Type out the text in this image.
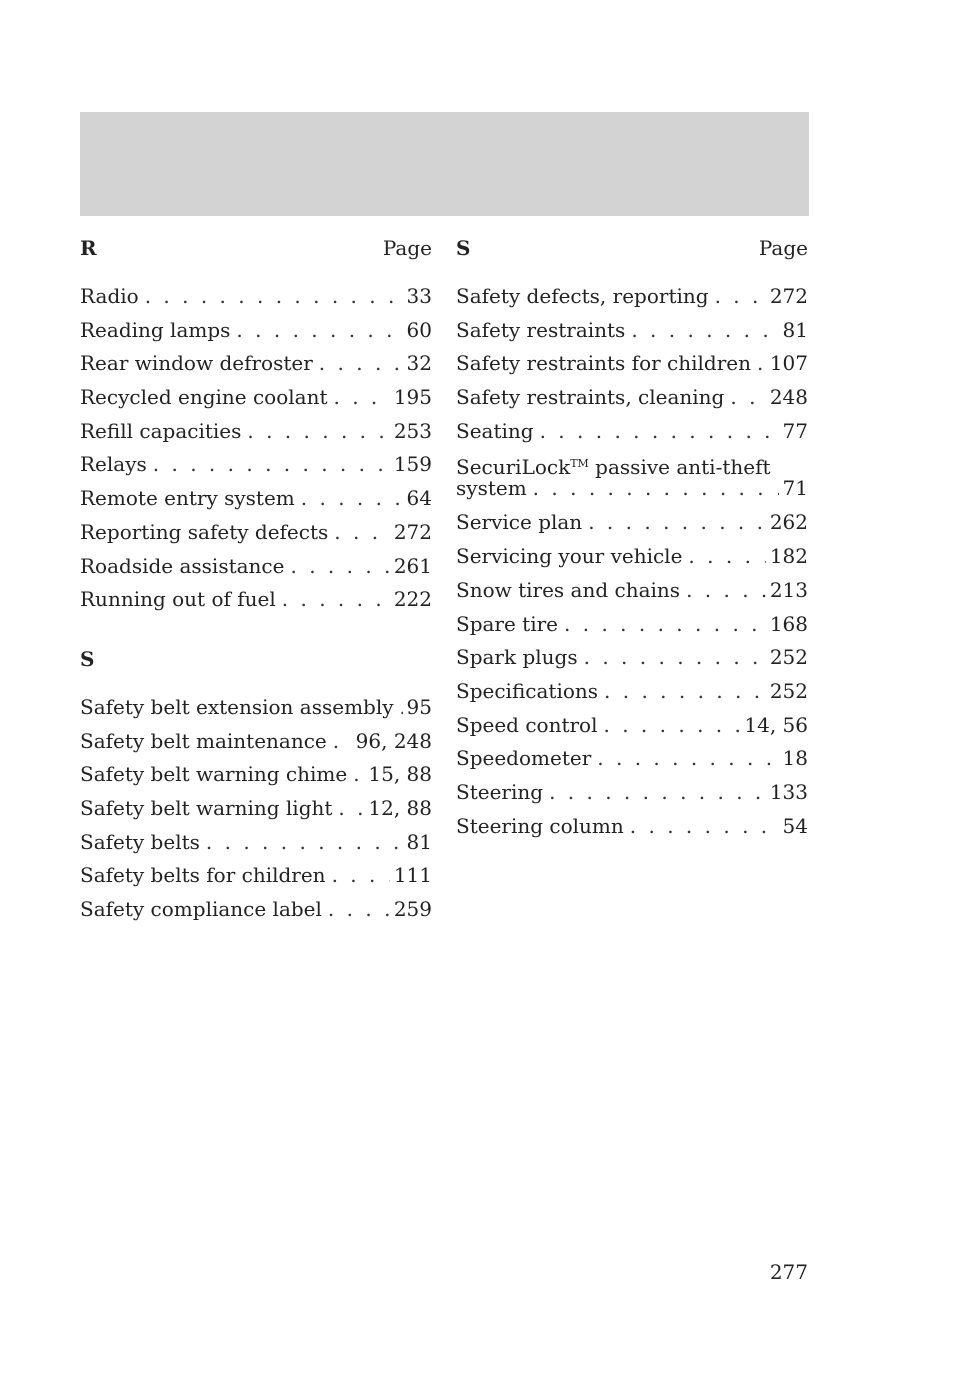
R	Page
Radio . . .	33
Reading lamps . . .	60
Rear window defroster . . .	32
Recycled engine coolant . . .	195
Refill capacities . . .	253
Relays . . .	159
Remote entry system . . .	64
Reporting safety defects . . .	272
Roadside assistance . . .	261
Running out of fuel . . .	222
S
Safety belt extension assembly . . . 95
Safety belt maintenance . . .	96, 248
Safety belt warning chime . . .	15, 88
Safety belt warning light . . .	12, 88
Safety belts . . .	81
Safety belts for children . . .	111
Safety compliance label . . .	259
S	Page
Safety defects, reporting . . .	272
Safety restraints . . .	81
Safety restraints for children . . . 107
Safety restraints, cleaning . . .	248
Seating . . .	77
SecuriLock™ passive anti-theft
system . . .	71
Service plan . . .	262
Servicing your vehicle . . .	182
Snow tires and chains . . .	213
Spare tire . . .	168
Spark plugs . . .	252
Specifications . . .	252
Speed control . . .	14, 56
Speedometer . . .	18
Steering . . .	133
Steering column . . .	54
277
